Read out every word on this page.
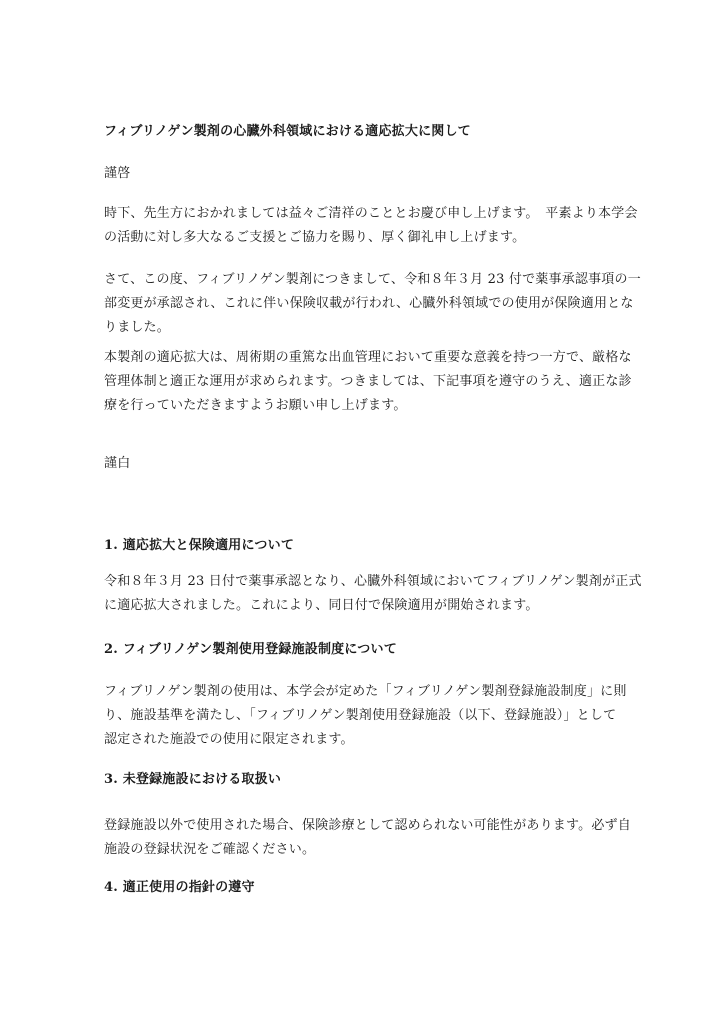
フィブリノゲン製剤の心臓外科領域における適応拡大に関して
謹啓
時下、先生方におかれましては益々ご清祥のこととお慶び申し上げます。　平素より本学会
の活動に対し多大なるご支援とご協力を賜り、厚く御礼申し上げます。
さて、この度、フィブリノゲン製剤につきまして、令和８年３月 23 付で薬事承認事項の一
部変更が承認され、これに伴い保険収載が行われ、心臓外科領域での使用が保険適用とな
りました。
本製剤の適応拡大は、周術期の重篤な出血管理において重要な意義を持つ一方で、厳格な
管理体制と適正な運用が求められます。つきましては、下記事項を遵守のうえ、適正な診
療を行っていただきますようお願い申し上げます。
謹白
1. 適応拡大と保険適用について
令和８年３月 23 日付で薬事承認となり、心臓外科領域においてフィブリノゲン製剤が正式
に適応拡大されました。これにより、同日付で保険適用が開始されます。
2. フィブリノゲン製剤使用登録施設制度について
フィブリノゲン製剤の使用は、本学会が定めた「フィブリノゲン製剤登録施設制度」に則
り、施設基準を満たし、「フィブリノゲン製剤使用登録施設（以下、登録施設）」として
認定された施設での使用に限定されます。
3. 未登録施設における取扱い
登録施設以外で使用された場合、保険診療として認められない可能性があります。必ず自
施設の登録状況をご確認ください。
4. 適正使用の指針の遵守
